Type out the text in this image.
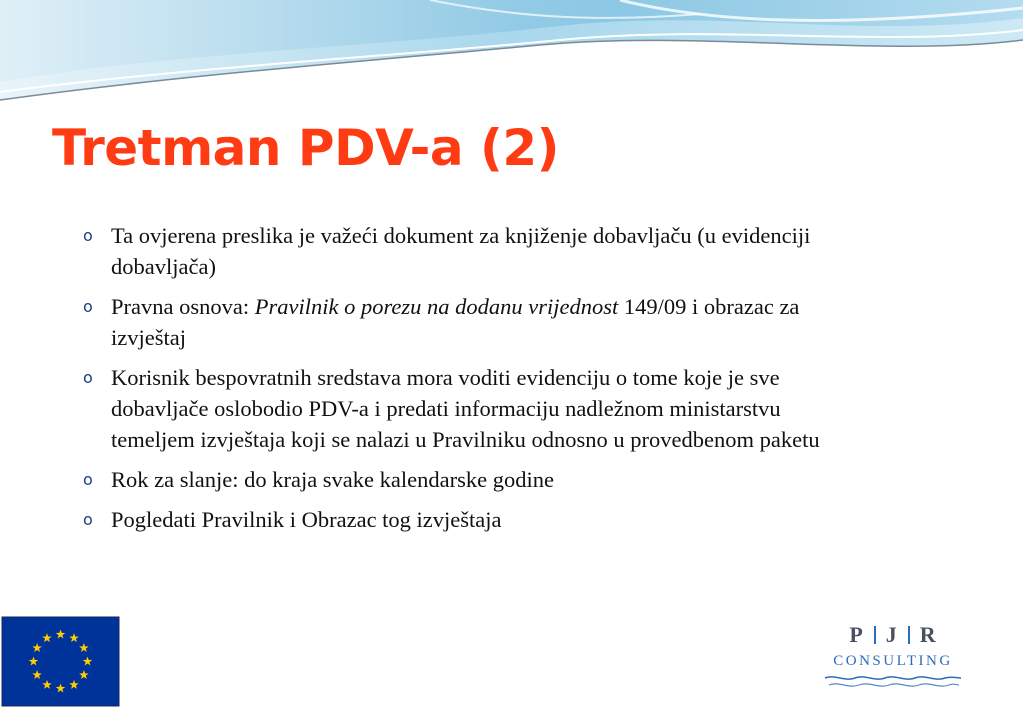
Tretman PDV-a (2)
o Ta ovjerena preslika je važeći dokument za knjiženje dobavljaču (u evidenciji dobavljača)
o Pravna osnova: Pravilnik o porezu na dodanu vrijednost 149/09 i obrazac za izvještaj
o Korisnik bespovratnih sredstava mora voditi evidenciju o tome koje je sve dobavljače oslobodio PDV-a i predati informaciju nadležnom ministarstvu temeljem izvještaja koji se nalazi u Pravilniku odnosno u provedbenom paketu
o Rok za slanje: do kraja svake kalendarske godine
o Pogledati Pravilnik i Obrazac tog izvještaja
P J R
CONSULTING
